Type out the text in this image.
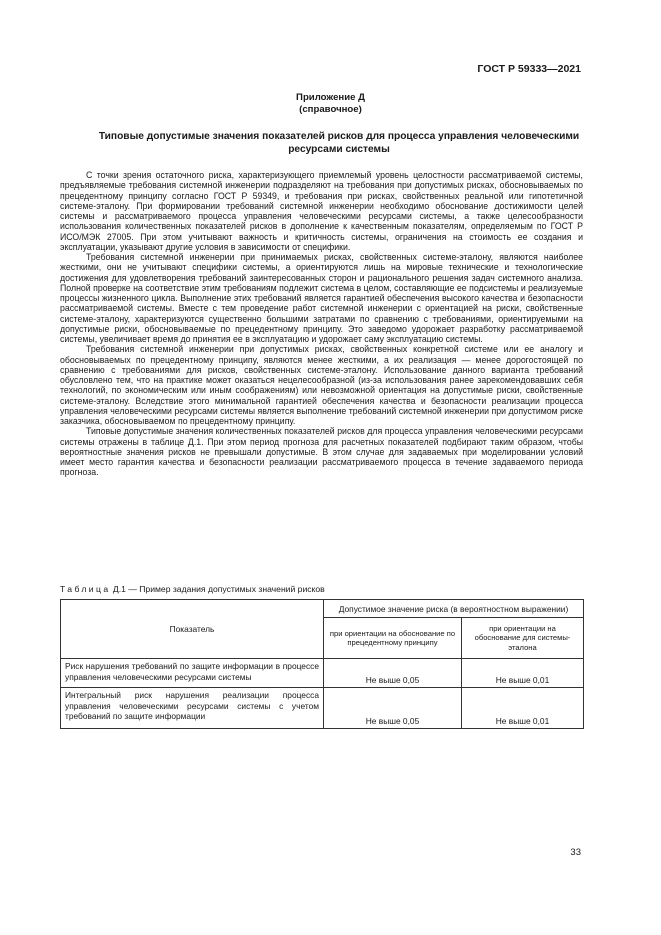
ГОСТ Р 59333—2021
Приложение Д
(справочное)
Типовые допустимые значения показателей рисков для процесса управления человеческими ресурсами системы

С точки зрения остаточного риска, характеризующего приемлемый уровень целостности рассматриваемой системы, предъявляемые требования системной инженерии подразделяют на требования при допустимых рисках, обосновываемых по прецедентному принципу согласно ГОСТ Р 59349, и требования при рисках, свойственных реальной или гипотетичной системе-эталону. При формировании требований системной инженерии необходимо обоснование достижимости целей системы и рассматриваемого процесса управления человеческими ресурсами системы, а также целесообразности использования количественных показателей рисков в дополнение к качественным показателям, определяемым по ГОСТ Р ИСО/МЭК 27005. При этом учитывают важность и критичность системы, ограничения на стоимость ее создания и эксплуатации, указывают другие условия в зависимости от специфики.

Требования системной инженерии при принимаемых рисках, свойственных системе-эталону, являются наиболее жесткими, они не учитывают специфики системы, а ориентируются лишь на мировые технические и технологические достижения для удовлетворения требований заинтересованных сторон и рационального решения задач системного анализа. Полной проверке на соответствие этим требованиям подлежит система в целом, составляющие ее подсистемы и реализуемые процессы жизненного цикла. Выполнение этих требований является гарантией обеспечения высокого качества и безопасности рассматриваемой системы. Вместе с тем проведение работ системной инженерии с ориентацией на риски, свойственные системе-эталону, характеризуются существенно большими затратами по сравнению с требованиями, ориентируемыми на допустимые риски, обосновываемые по прецедентному принципу. Это заведомо удорожает разработку рассматриваемой системы, увеличивает время до принятия ее в эксплуатацию и удорожает саму эксплуатацию системы.

Требования системной инженерии при допустимых рисках, свойственных конкретной системе или ее аналогу и обосновываемых по прецедентному принципу, являются менее жесткими, а их реализация — менее дорогостоящей по сравнению с требованиями для рисков, свойственных системе-эталону. Использование данного варианта требований обусловлено тем, что на практике может оказаться нецелесообразной (из-за использования ранее зарекомендовавших себя технологий, по экономическим или иным соображениям) или невозможной ориентация на допустимые риски, свойственные системе-эталону. Вследствие этого минимальной гарантией обеспечения качества и безопасности реализации процесса управления человеческими ресурсами системы является выполнение требований системной инженерии при допустимом риске заказчика, обосновываемом по прецедентному принципу.

Типовые допустимые значения количественных показателей рисков для процесса управления человеческими ресурсами системы отражены в таблице Д.1. При этом период прогноза для расчетных показателей подбирают таким образом, чтобы вероятностные значения рисков не превышали допустимые. В этом случае для задаваемых при моделировании условий имеет место гарантия качества и безопасности реализации рассматриваемого процесса в течение задаваемого периода прогноза.

Таблица Д.1 — Пример задания допустимых значений рисков
Показатель	Допустимое значение риска (в вероятностном выражении)	
	при ориентации на обоснование по прецедентному принципу	при ориентации на обоснование для системы-эталона
Риск нарушения требований по защите информации в процессе управления человеческими ресурсами системы	Не выше 0,05	Не выше 0,01
Интегральный риск нарушения реализации процесса управления человеческими ресурсами системы с учетом требований по защите информации	Не выше 0,05	Не выше 0,01
33
